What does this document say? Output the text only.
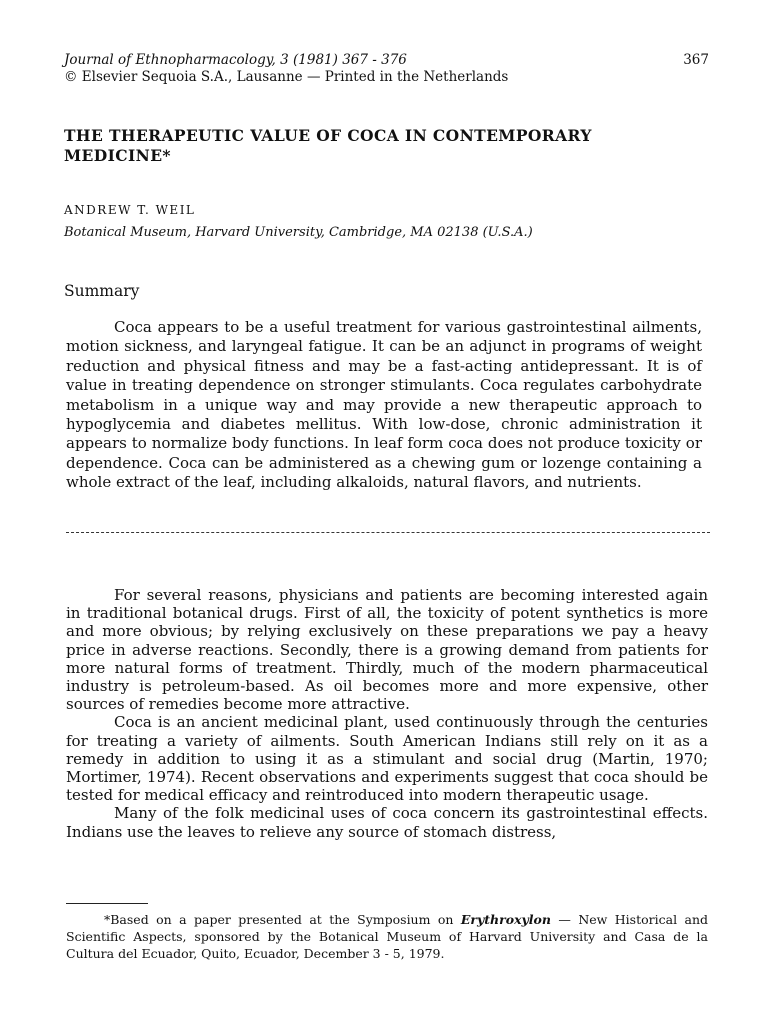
Journal of Ethnopharmacology, 3 (1981) 367 - 376
© Elsevier Sequoia S.A., Lausanne — Printed in the Netherlands
367
THE THERAPEUTIC VALUE OF COCA IN CONTEMPORARY MEDICINE*
ANDREW T. WEIL
Botanical Museum, Harvard University, Cambridge, MA 02138 (U.S.A.)
Summary

Coca appears to be a useful treatment for various gastrointestinal ailments, motion sickness, and laryngeal fatigue. It can be an adjunct in programs of weight reduction and physical fitness and may be a fast-acting antidepressant. It is of value in treating dependence on stronger stimulants. Coca regulates carbohydrate metabolism in a unique way and may provide a new therapeutic approach to hypoglycemia and diabetes mellitus. With low-dose, chronic administration it appears to normalize body functions. In leaf form coca does not produce toxicity or dependence. Coca can be administered as a chewing gum or lozenge containing a whole extract of the leaf, including alkaloids, natural flavors, and nutrients.

For several reasons, physicians and patients are becoming interested again in traditional botanical drugs. First of all, the toxicity of potent synthetics is more and more obvious; by relying exclusively on these preparations we pay a heavy price in adverse reactions. Secondly, there is a growing demand from patients for more natural forms of treatment. Thirdly, much of the modern pharmaceutical industry is petroleum-based. As oil becomes more and more expensive, other sources of remedies become more attractive.

Coca is an ancient medicinal plant, used continuously through the centuries for treating a variety of ailments. South American Indians still rely on it as a remedy in addition to using it as a stimulant and social drug (Martin, 1970; Mortimer, 1974). Recent observations and experiments suggest that coca should be tested for medical efficacy and reintroduced into modern therapeutic usage.

Many of the folk medicinal uses of coca concern its gastrointestinal effects. Indians use the leaves to relieve any source of stomach distress,

*Based on a paper presented at the Symposium on Erythroxylon — New Historical and Scientific Aspects, sponsored by the Botanical Museum of Harvard University and Casa de la Cultura del Ecuador, Quito, Ecuador, December 3 - 5, 1979.
